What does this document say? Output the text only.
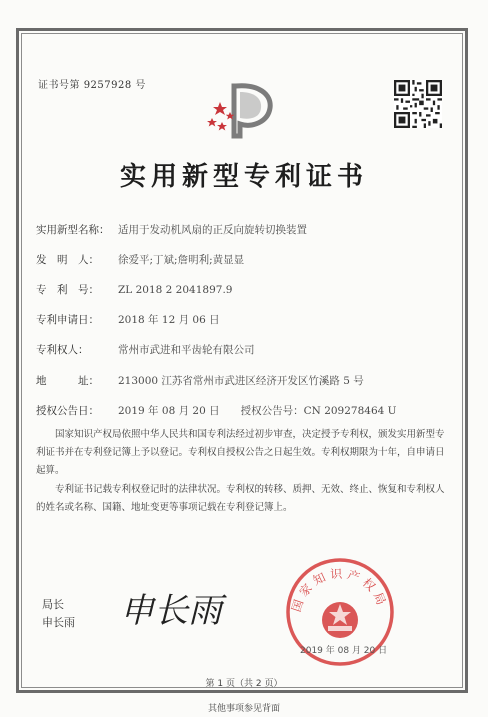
证书号第 9257928 号
实用新型专利证书
实用新型名称： 适用于发动机风扇的正反向旋转切换装置
发　明　人： 徐爱平;丁斌;詹明利;黄显显
专　利　号： ZL 2018 2 2041897.9
专利申请日： 2018 年 12 月 06 日
专利权人：	常州市武进和平齿轮有限公司
地　　　址： 213000 江苏省常州市武进区经济开发区竹溪路 5 号
授权公告日： 2019 年 08 月 20 日　　授权公告号：CN 209278464 U

国家知识产权局依照中华人民共和国专利法经过初步审查，决定授予专利权，颁发实用新型专利证书并在专利登记簿上予以登记。专利权自授权公告之日起生效。专利权期限为十年，自申请日起算。

专利证书记载专利权登记时的法律状况。专利权的转移、质押、无效、终止、恢复和专利权人的姓名或名称、国籍、地址变更等事项记载在专利登记簿上。

局长
申长雨 申长雨	国家知识产权局
2019 年 08 月 20 日
第 1 页（共 2 页）
其他事项参见背面
